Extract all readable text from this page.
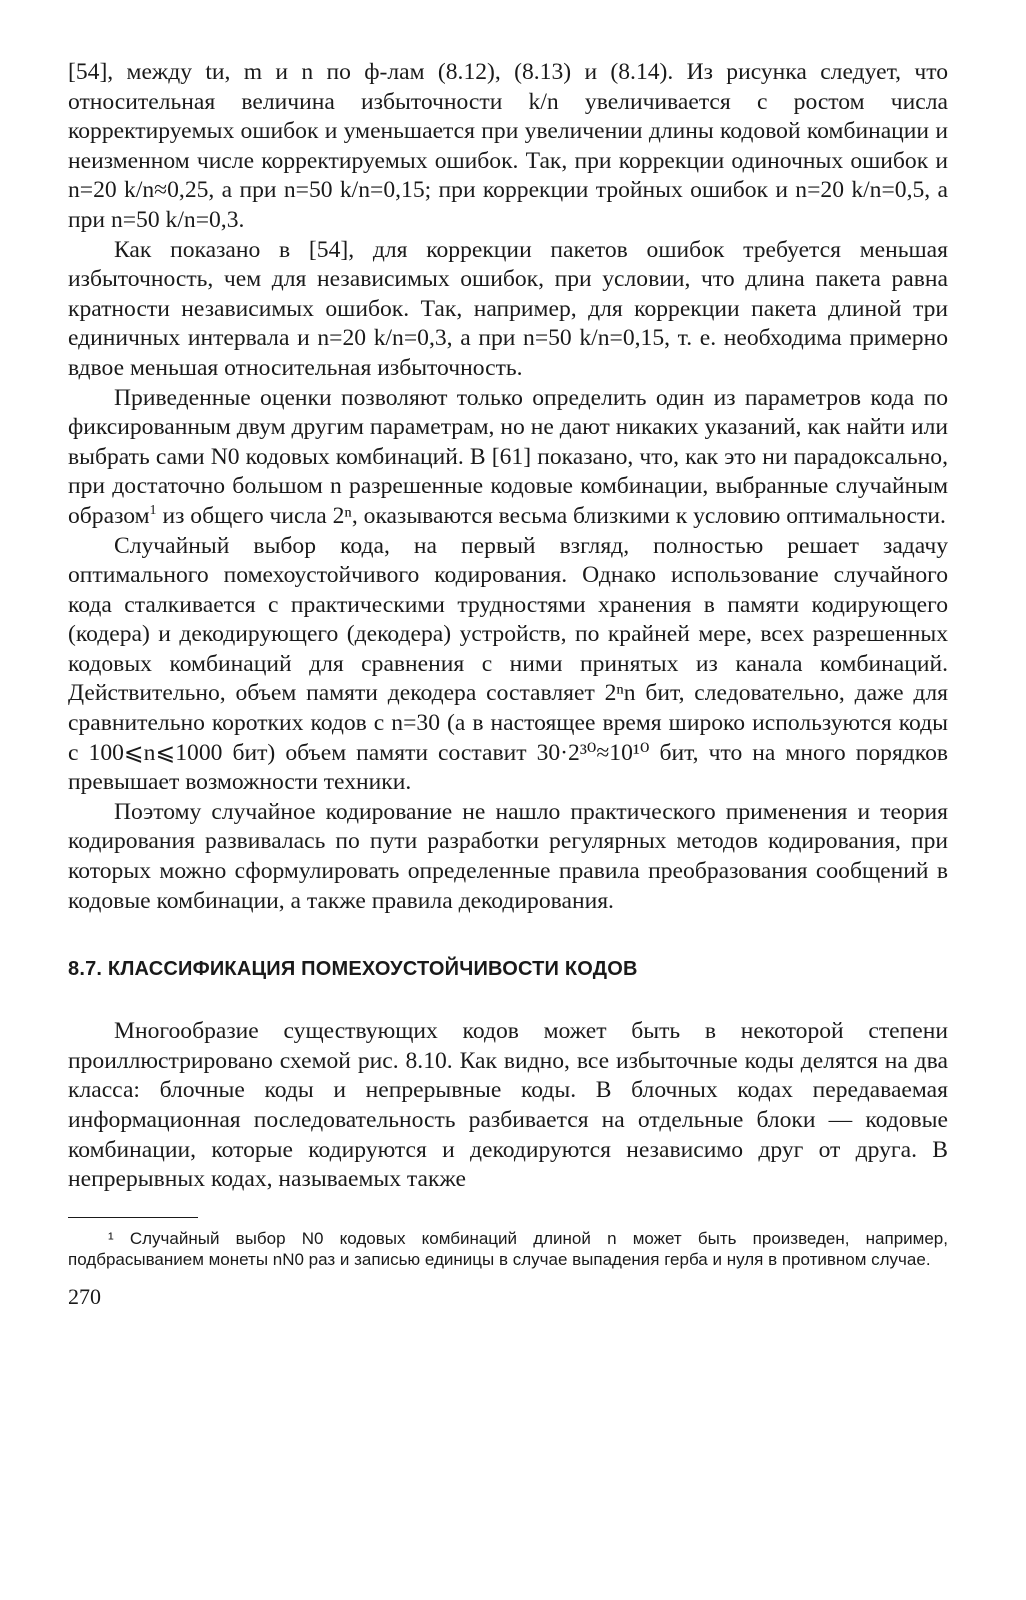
[54], между tи, m и n по ф-лам (8.12), (8.13) и (8.14). Из рисунка следует, что относительная величина избыточности k/n увеличивается с ростом числа корректируемых ошибок и уменьшается при увеличении длины кодовой комбинации и неизменном числе корректируемых ошибок. Так, при коррекции одиночных ошибок и n=20 k/n≈0,25, а при n=50 k/n=0,15; при коррекции тройных ошибок и n=20 k/n=0,5, а при n=50 k/n=0,3.

Как показано в [54], для коррекции пакетов ошибок требуется меньшая избыточность, чем для независимых ошибок, при условии, что длина пакета равна кратности независимых ошибок. Так, например, для коррекции пакета длиной три единичных интервала и n=20 k/n=0,3, а при n=50 k/n=0,15, т. е. необходима примерно вдвое меньшая относительная избыточность.

Приведенные оценки позволяют только определить один из параметров кода по фиксированным двум другим параметрам, но не дают никаких указаний, как найти или выбрать сами N0 кодовых комбинаций. В [61] показано, что, как это ни парадоксально, при достаточно большом n разрешенные кодовые комбинации, выбранные случайным образом$^1$ из общего числа 2ⁿ, оказываются весьма близкими к условию оптимальности.

Случайный выбор кода, на первый взгляд, полностью решает задачу оптимального помехоустойчивого кодирования. Однако использование случайного кода сталкивается с практическими трудностями хранения в памяти кодирующего (кодера) и декодирующего (декодера) устройств, по крайней мере, всех разрешенных кодовых комбинаций для сравнения с ними принятых из канала комбинаций. Действительно, объем памяти декодера составляет 2ⁿn бит, следовательно, даже для сравнительно коротких кодов с n=30 (а в настоящее время широко используются коды с 100⩽n⩽1000 бит) объем памяти составит 30·2³⁰≈10¹⁰ бит, что на много порядков превышает возможности техники.

Поэтому случайное кодирование не нашло практического применения и теория кодирования развивалась по пути разработки регулярных методов кодирования, при которых можно сформулировать определенные правила преобразования сообщений в кодовые комбинации, а также правила декодирования.

8.7. КЛАССИФИКАЦИЯ ПОМЕХОУСТОЙЧИВОСТИ КОДОВ

Многообразие существующих кодов может быть в некоторой степени проиллюстрировано схемой рис. 8.10. Как видно, все избыточные коды делятся на два класса: блочные коды и непрерывные коды. В блочных кодах передаваемая информационная последовательность разбивается на отдельные блоки — кодовые комбинации, которые кодируются и декодируются независимо друг от друга. В непрерывных кодах, называемых также

¹ Случайный выбор N0 кодовых комбинаций длиной n может быть произведен, например, подбрасыванием монеты nN0 раз и записью единицы в случае выпадения герба и нуля в противном случае.

270
